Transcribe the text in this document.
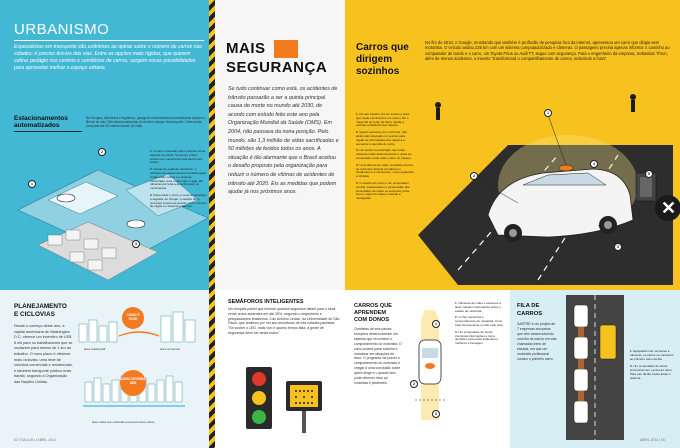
URBANISMO
Especialistas em transporte são unânimes ao opinar sobre o número de carros nas cidades: é preciso tirá-los das vias. Entre as opções mais rígidas, que querem cobrar pedágio nos centros e cemitérios de carros, surgem novas possibilidades para aproveitar melhor o espaço urbano.
Estacionamentos automatizados
Na Hungria, Alemanha e Inglaterra, garagens subterrâneas automatizadas ajudam a liberar as vias. São estacionamentos do mínimo espaço desocupado. Cada andar comporta até 28 metros abaixo do chão.
1
2
3
1. O carro é deixado pelo motorista numa espécie de estufa. Sensores a laser avisam se o automóvel está dentro dos limites.
2. Depois do cadastro eletrônico, o software de estacionamento analisa quais locais estão vazios e o sistema, motorizado, leva o carro até a vaga. Há câmeras por toda a área filmando os movimentos.
3. Para retirar o carro, a mesma estratégia é seguida. Ao chegar, o usuário faz o processo inverso de acordo com o número de vagas e o sistema o devolve.
MAIS
SEGURANÇA
Se tudo continuar como está, os acidentes de trânsito passarão a ser a quinta principal causa de morte no mundo até 2030, de acordo com estudo feito este ano pela Organização Mundial da Saúde (OMS). Em 2004, não passava da nona posição. Pelo mundo, são 1,3 milhão de vidas sacrificadas e 50 milhões de feridos todos os anos. A situação é tão alarmante que o Brasil aceitou o desafio proposto pela organização para reduzir o número de vítimas de acidentes de trânsito até 2020. Eis as medidas que podem ajudar já nos próximos anos.
Carros que
dirigem
sozinhos
No fim de 2010, o Google, mostrando que também é profissão de pesquisa fora da internet, apresentou um carro que dirigia sem motorista. O veículo andou 225 km com um sistema computadorizado e câmeras. O passageiro precisa apenas informar o caminho ao computador de bordo e o carro, um Toyota Prius ou Audi TT, segue com segurança. Para o engenheiro da empresa, Sebastian Thrun, além de menos acidentes, o invento "transformará o compartilhamento de carros, reduzindo a frota".
1. No teto traseiro, há um sensor a laser que mede movimentos em volta e faz o mapa 3D ao redor do carro. Ajuda a calcular a distância dos objetos.
2. Quatro sensores (um na frente, três atrás) são colocados no veículo para captar as informações dos radares e aumentar a atenção do carro.
3. Um sensor mecanizado nas rodas traseiras mede deslocamentos e avisa ao computador onde está o carro no espaço.
4. Uma câmera de vídeo montada próxima ao retrovisor detecta semáforos e obstáculos em movimento, como pedestres e ciclistas.
5. O cérebro do carro é um computador central, posicionado no porta-malas. Ele junta dados de todos os sensores, junta com o mapa do trajeto e decide a navegação.
1
2
3
4
5
✕
PLANEJAMENTO
E CICLOVIAS
Desde o começo deste ano, a capital americana de Washington D.C. oferece um incentivo de US$ 6 mil para os trabalhadores que se mudarem para menos de 1 km do trabalho. O novo plano é oferecer mais ciclovias, uma rede de ciclovias comerciais e residenciais, e também transporte público mais barato, segundo a Organização das Nações Unidas.
COMO É HOJE
COMO DEVERIA SER
área residencial	área comercial
área mista com ciclovias para percursos curtos
52 | GALILEU | ABRIL 2014
SEMÁFOROS INTELIGENTES
Um simples painel que informe quantos segundos faltam para o sinal verde reduz acidentes em até 25%, segundo o engenheiro e pesquisadores brasileiros. Luiz Antônio Lindau, da Universidade de São Paulo, que analisou por um ano semáforos de três cidades paulistas. "Se souber o LED, mais vivo e quanto tempo falta, a gente de segurança deve ser ainda maior."
CARROS QUE
APRENDEM
COM DONOS
Cientistas de seis países europeus desenvolveram um sistema que reconhece o comportamento do motorista. O carro poderá parar sozinho e manobrar em situações de risco. O programa vai prever o comportamento do motorista e chegar a uma conclusão sobre quem dirige e o quanto isso pode oferecer risco ao motorista e pedestres.
1
2
3
1. Câmeras de vídeo e sensores a laser coletam informações sobre o estado do motorista.
2. O chip memoriza o comportamento do motorista, como frear bruscamente ou não usar seta.
3. Um computador de bordo interpreta informações e toma decisões para evitar acidentes e melhorar a frenagem.
FILA DE
CARROS
SARTRE é um projeto de 7 empresas europeias que vêm desenvolvendo uma fila de carros em vias chamadas trens de estrada, em que um motorista profissional conduz o primeiro carro.
1. Equipados com sensores e câmeras, os carros se conectam ao primeiro carro da fila.
2. Um computador de bordo sincroniza com o primeiro carro. Para sair da fila, basta ativar o sistema.
ABRIL 2014 | 53
